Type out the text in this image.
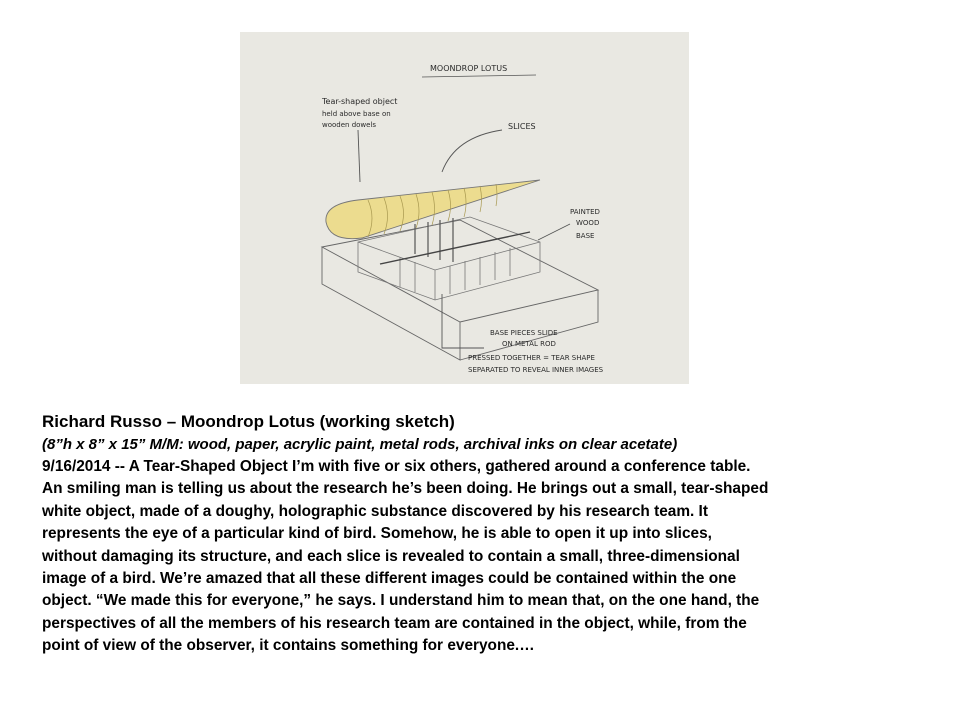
MOONDROP LOTUS
Tear-shaped object
held above base on
wooden dowels	SLICES
PAINTED
WOOD
BASE
BASE PIECES SLIDE
ON METAL ROD
PRESSED TOGETHER = TEAR SHAPE
SEPARATED TO REVEAL INNER IMAGES

Richard Russo – Moondrop Lotus (working sketch)

(8”h x 8” x 15” M/M: wood, paper, acrylic paint, metal rods, archival inks on clear acetate)

9/16/2014 -- A Tear-Shaped Object I’m with five or six others, gathered around a conference table.

An smiling man is telling us about the research he’s been doing. He brings out a small, tear-shaped

white object, made of a doughy, holographic substance discovered by his research team. It

represents the eye of a particular kind of bird. Somehow, he is able to open it up into slices,

without damaging its structure, and each slice is revealed to contain a small, three-dimensional

image of a bird. We’re amazed that all these different images could be contained within the one

object. “We made this for everyone,” he says. I understand him to mean that, on the one hand, the

perspectives of all the members of his research team are contained in the object, while, from the

point of view of the observer, it contains something for everyone.…
